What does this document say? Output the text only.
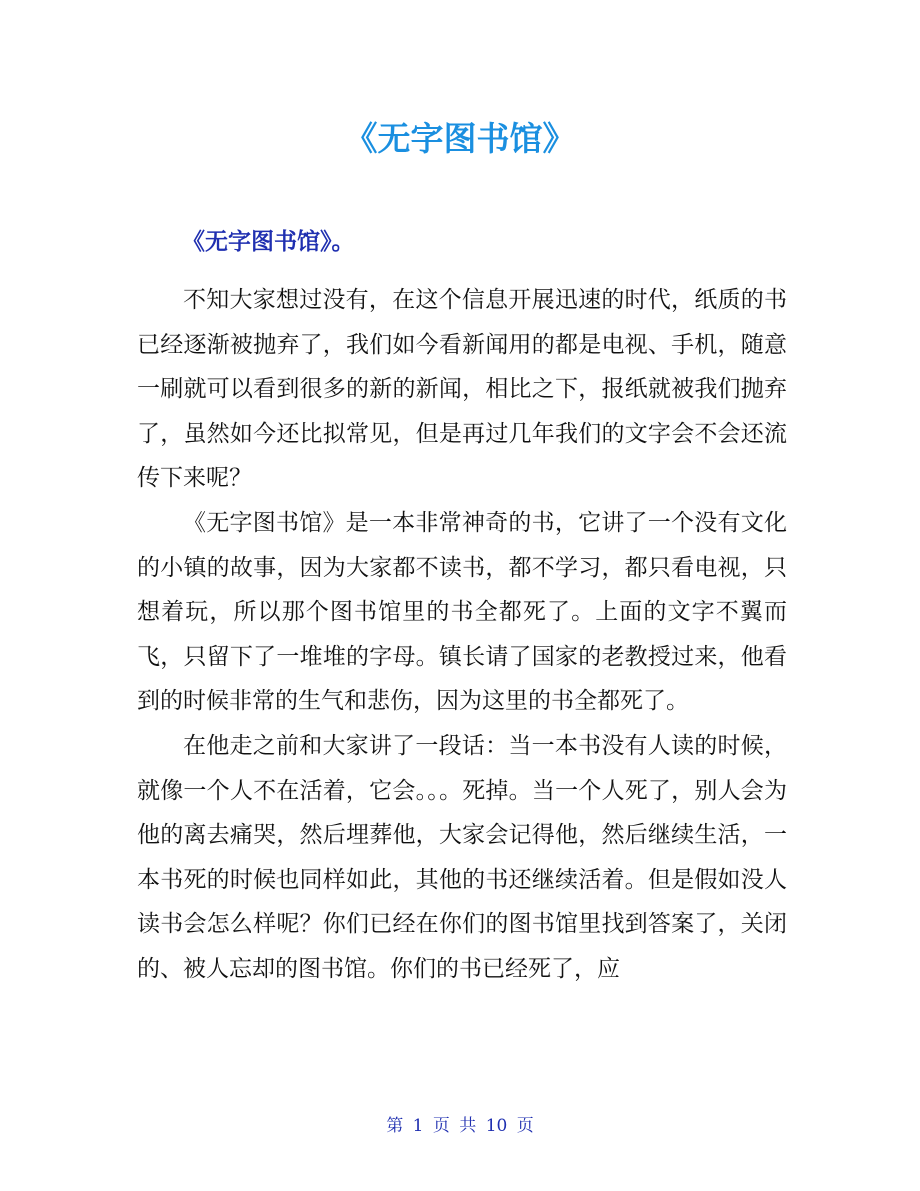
《无字图书馆》
《无字图书馆》。

不知大家想过没有，在这个信息开展迅速的时代，纸质的书已经逐渐被抛弃了，我们如今看新闻用的都是电视、手机，随意一刷就可以看到很多的新的新闻，相比之下，报纸就被我们抛弃了，虽然如今还比拟常见，但是再过几年我们的文字会不会还流传下来呢？

《无字图书馆》是一本非常神奇的书，它讲了一个没有文化的小镇的故事，因为大家都不读书，都不学习，都只看电视，只想着玩，所以那个图书馆里的书全都死了。上面的文字不翼而飞，只留下了一堆堆的字母。镇长请了国家的老教授过来，他看到的时候非常的生气和悲伤，因为这里的书全都死了。

在他走之前和大家讲了一段话：当一本书没有人读的时候，就像一个人不在活着，它会。。。死掉。当一个人死了，别人会为他的离去痛哭，然后埋葬他，大家会记得他，然后继续生活，一本书死的时候也同样如此，其他的书还继续活着。但是假如没人读书会怎么样呢？你们已经在你们的图书馆里找到答案了，关闭的、被人忘却的图书馆。你们的书已经死了，应

第 1 页 共 10 页
